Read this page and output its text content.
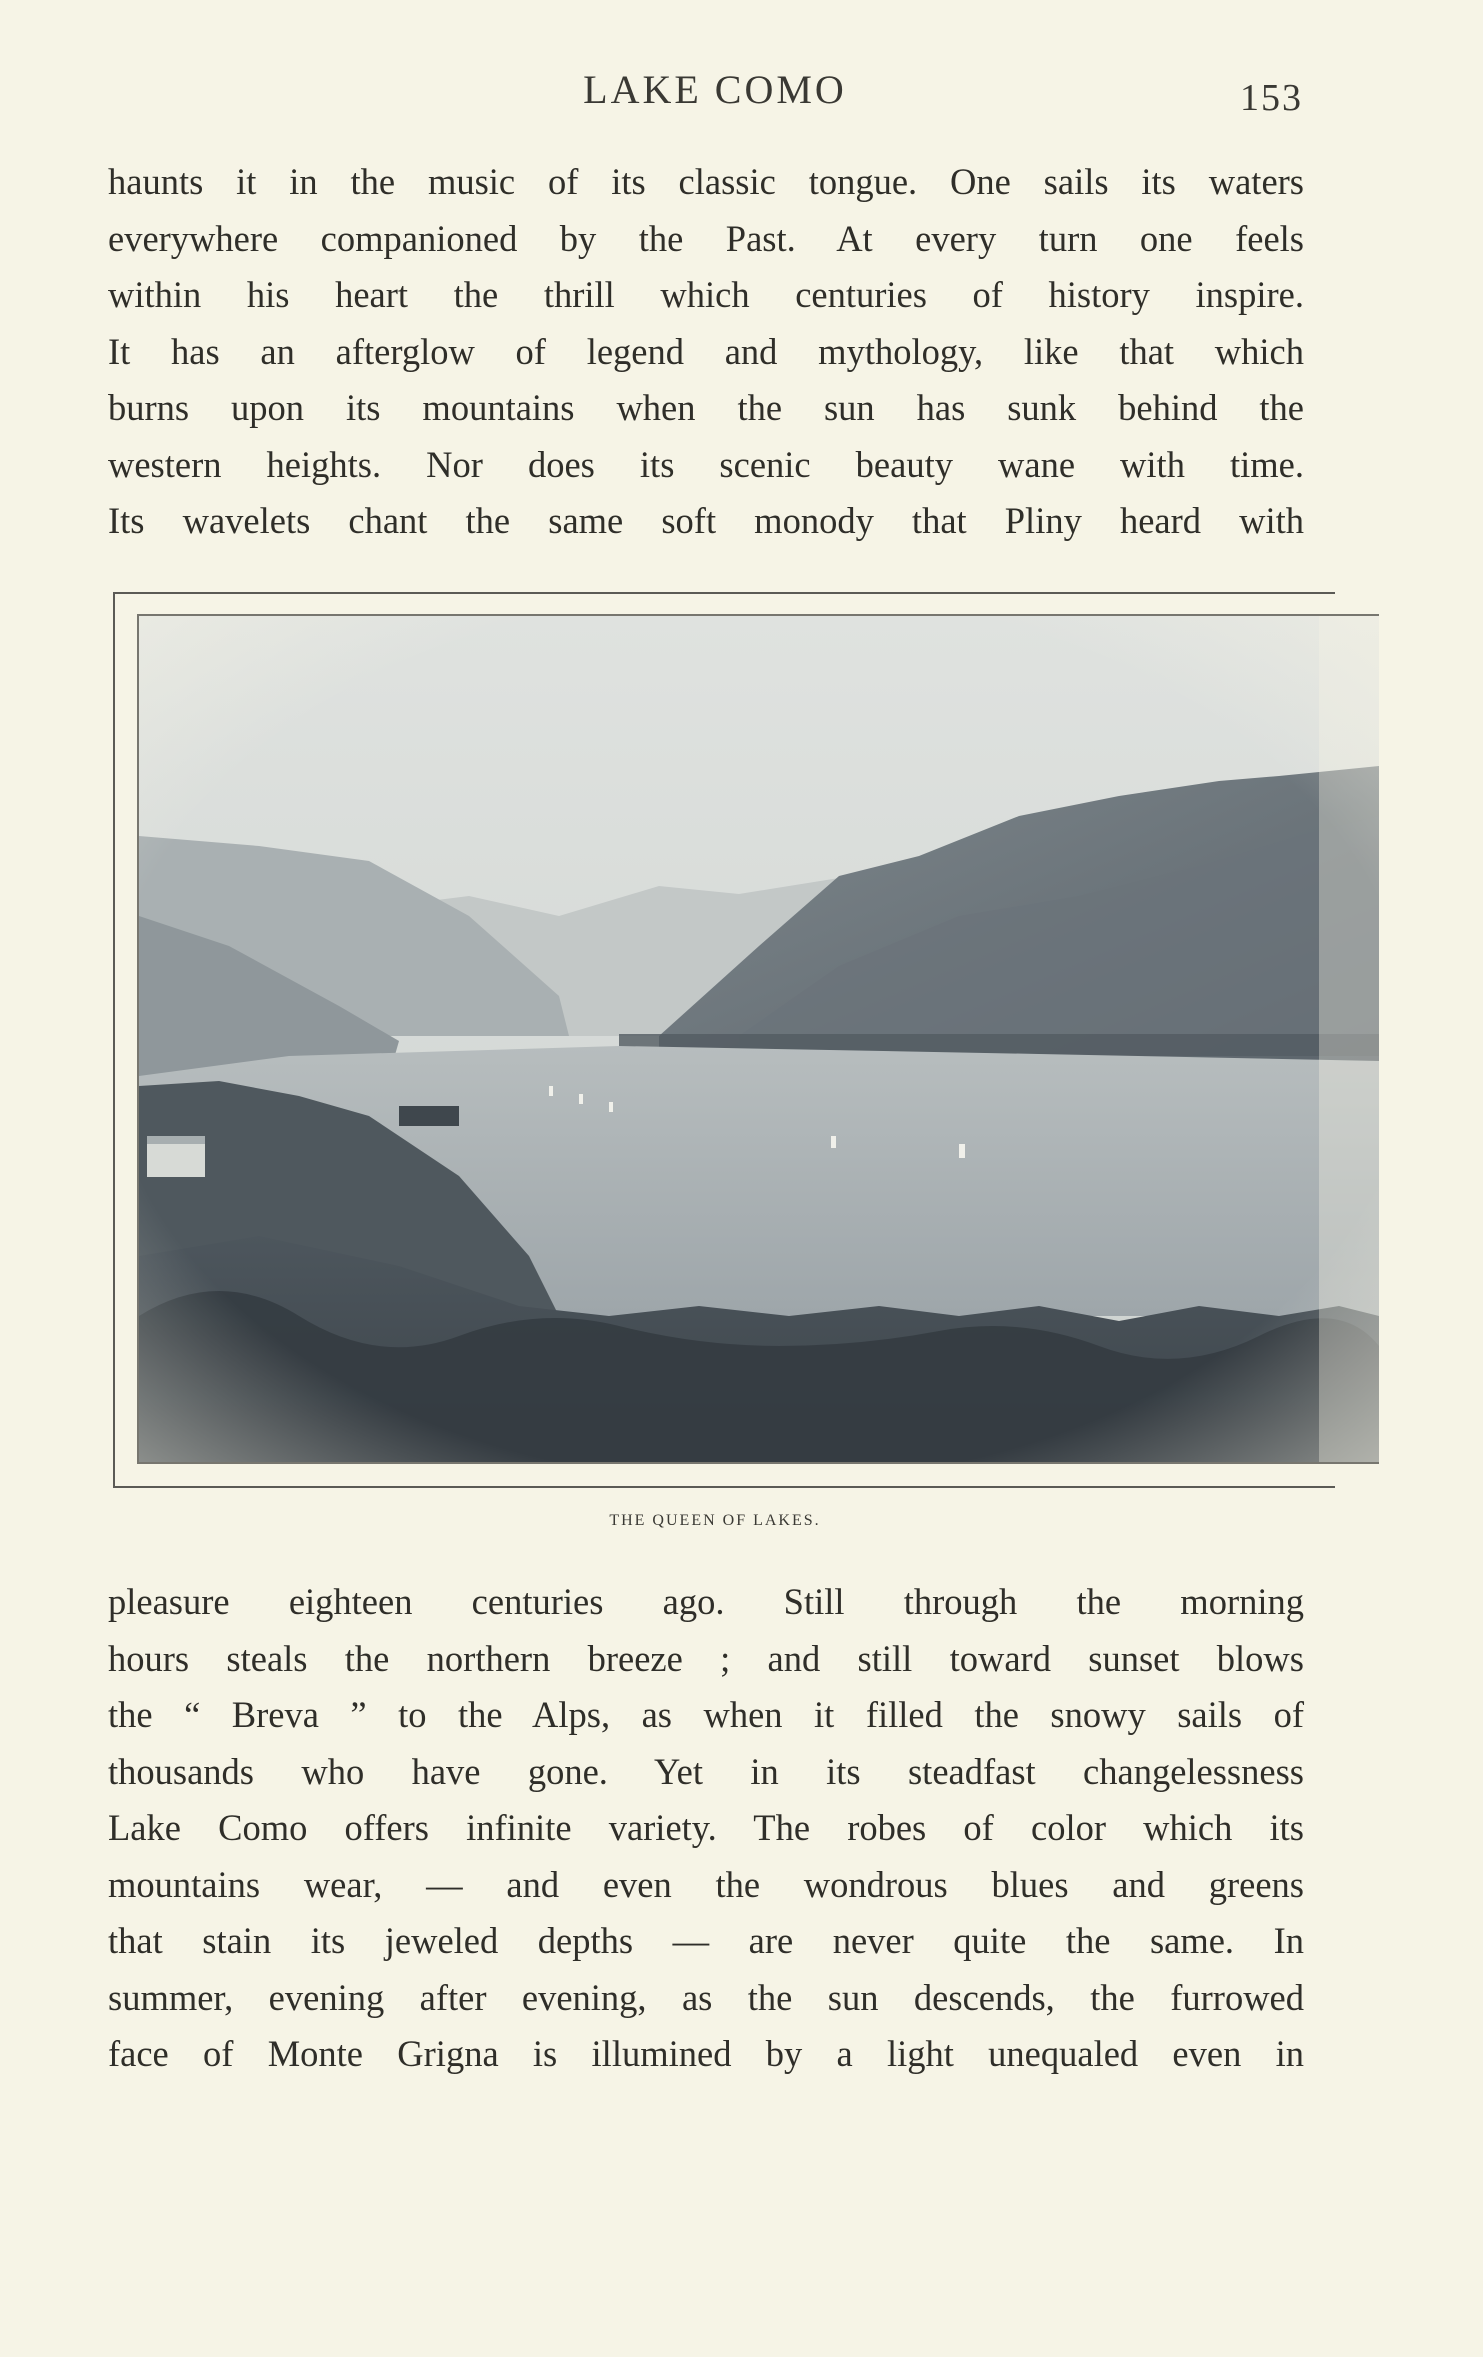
LAKE COMO	153
haunts it in the music of its classic tongue. One sails its waters
everywhere companioned by the Past. At every turn one feels
within his heart the thrill which centuries of history inspire.
It has an afterglow of legend and mythology, like that which
burns upon its mountains when the sun has sunk behind the
western heights. Nor does its scenic beauty wane with time.
Its wavelets chant the same soft monody that Pliny heard with
THE QUEEN OF LAKES.
pleasure eighteen centuries ago. Still through the morning
hours steals the northern breeze ; and still toward sunset blows
the “ Breva ” to the Alps, as when it filled the snowy sails of
thousands who have gone. Yet in its steadfast changelessness
Lake Como offers infinite variety. The robes of color which its
mountains wear, — and even the wondrous blues and greens
that stain its jeweled depths — are never quite the same. In
summer, evening after evening, as the sun descends, the furrowed
face of Monte Grigna is illumined by a light unequaled even in
